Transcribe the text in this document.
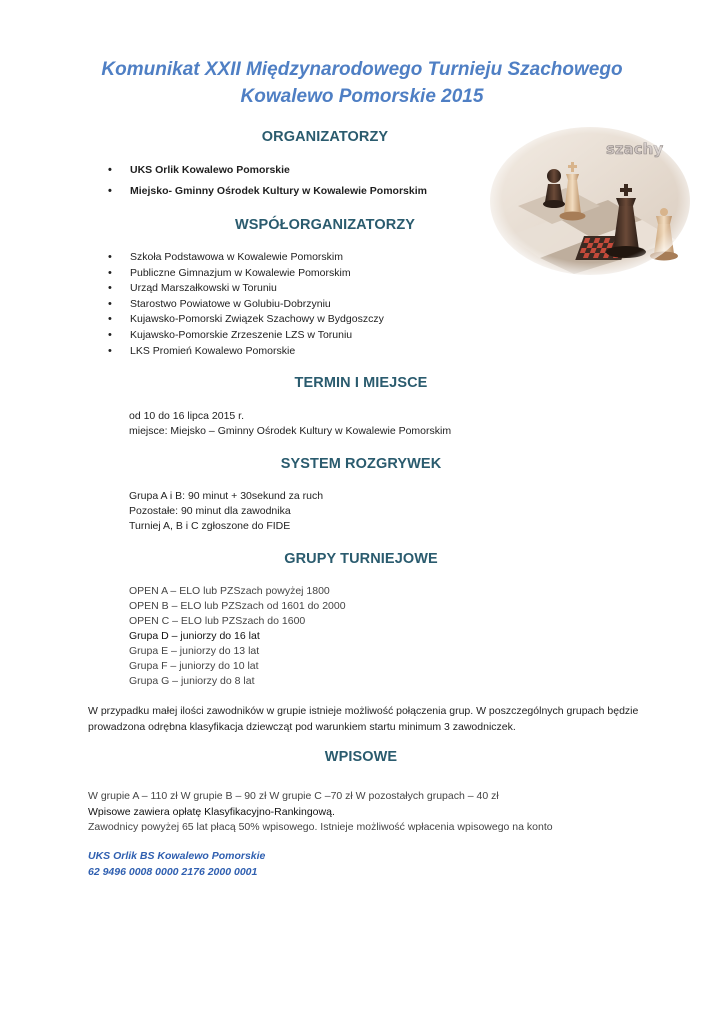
Komunikat XXII Międzynarodowego Turnieju Szachowego
Kowalewo Pomorskie 2015
ORGANIZATORZY
• UKS Orlik Kowalewo Pomorskie
• Miejsko- Gminny Ośrodek Kultury w Kowalewie Pomorskim
WSPÓŁORGANIZATORZY
• Szkoła Podstawowa w Kowalewie Pomorskim
• Publiczne Gimnazjum w Kowalewie Pomorskim
• Urząd Marszałkowski w Toruniu
• Starostwo Powiatowe w Golubiu-Dobrzyniu
• Kujawsko-Pomorski Związek Szachowy w Bydgoszczy
• Kujawsko-Pomorskie Zrzeszenie LZS w Toruniu
• LKS Promień Kowalewo Pomorskie
TERMIN I MIEJSCE
od 10 do 16 lipca 2015 r.
miejsce: Miejsko – Gminny Ośrodek Kultury w Kowalewie Pomorskim
SYSTEM ROZGRYWEK
Grupa A i B: 90 minut + 30sekund za ruch
Pozostałe: 90 minut dla zawodnika
Turniej A, B i C zgłoszone do FIDE
GRUPY TURNIEJOWE
OPEN A – ELO lub PZSzach powyżej 1800
OPEN B – ELO lub PZSzach od 1601 do 2000
OPEN C – ELO lub PZSzach do 1600
Grupa D – juniorzy do 16 lat
Grupa E – juniorzy do 13 lat
Grupa F – juniorzy do 10 lat
Grupa G – juniorzy do 8 lat

W przypadku małej ilości zawodników w grupie istnieje możliwość połączenia grup. W poszczególnych grupach będzie prowadzona odrębna klasyfikacja dziewcząt pod warunkiem startu minimum 3 zawodniczek.

WPISOWE
W grupie A – 110 zł W grupie B – 90 zł W grupie C –70 zł W pozostałych grupach – 40 zł
Wpisowe zawiera opłatę Klasyfikacyjno-Rankingową.
Zawodnicy powyżej 65 lat płacą 50% wpisowego. Istnieje możliwość wpłacenia wpisowego na konto
UKS Orlik BS Kowalewo Pomorskie
62 9496 0008 0000 2176 2000 0001
